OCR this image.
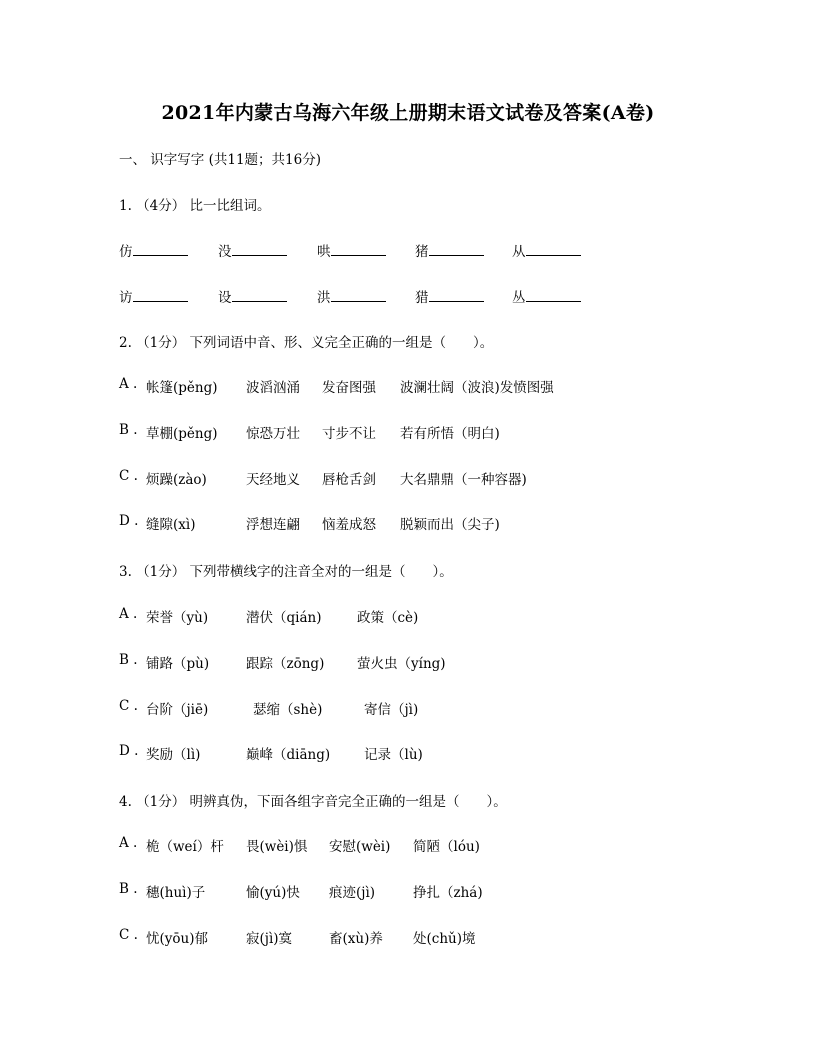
2021年内蒙古乌海六年级上册期末语文试卷及答案(A卷)
一、 识字写字 (共11题；共16分)
1. （4分） 比一比组词。
仿	没	哄	猪	从
访	设	洪	猎	丛
2. （1分） 下列词语中音、形、义完全正确的一组是（　　）。
A . 帐篷(pěng) 波滔汹涌 发奋图强 波澜壮阔（波浪)发愤图强
B . 草棚(pěng) 惊恐万壮 寸步不让 若有所悟（明白)
C . 烦躁(zào)	天经地义 唇枪舌剑 大名鼎鼎（一种容器)
D . 缝隙(xì)	浮想连翩 恼羞成怒 脱颖而出（尖子)
3. （1分） 下列带横线字的注音全对的一组是（　　）。
A . 荣誉（yù)	潜伏（qián)	政策（cè)
B . 铺路（pù)	跟踪（zōng) 萤火虫（yíng)
C . 台阶（jiē)	瑟缩（shè)	寄信（jì)
D . 奖励（lì)	巅峰（diāng)	记录（lù)
4. （1分） 明辨真伪，下面各组字音完全正确的一组是（　　）。
A . 桅（weí）杆 畏(wèi)惧 安慰(wèi) 简陋（lóu)
B . 穗(huì)子	愉(yú)快 痕迹(jì)	挣扎（zhá)
C . 忧(yōu)郁	寂(jì)寞	畜(xù)养 处(chǔ)境
